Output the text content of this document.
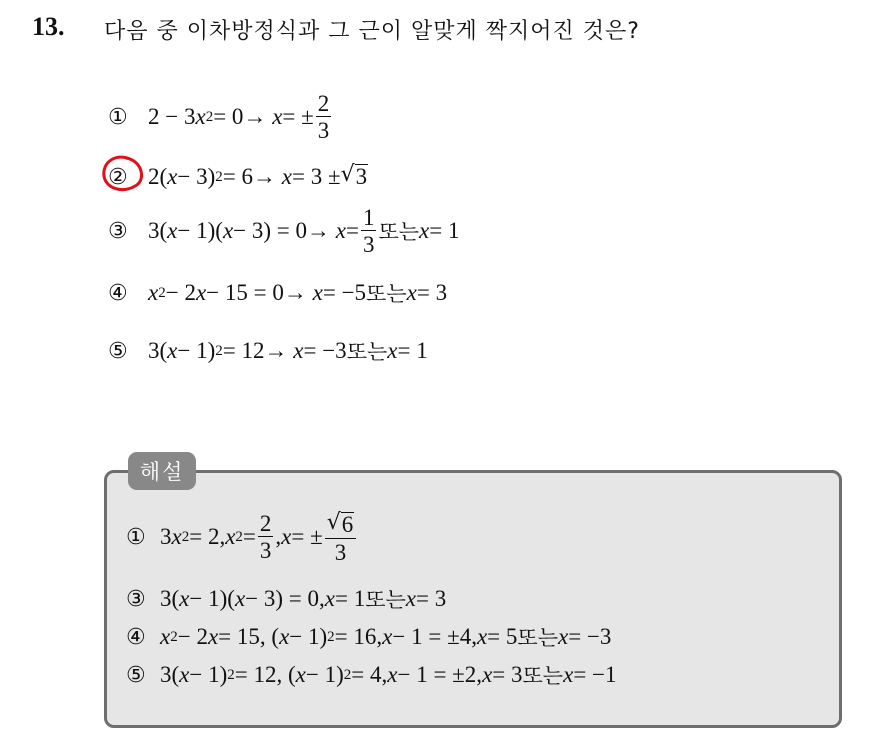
13. 다음 중 이차방정식과 그 근이 알맞게 짝지어진 것은?
① 2 − 3 x 2 = 0 →
x = ± $\frac{2}{3}$
② 2( x − 3) 2 = 6 →
x = 3 ± √ 3
③ 3( x − 1)( x − 3) = 0 →
$x = \frac{1}{3}$ 또는 x = 1
④ x 2 − 2 x − 15 = 0 →
x = −5 또는 x = 3
⑤ 3( x − 1) 2 = 12 →
x = −3 또는 x = 1
해설
① 3 x 2 = 2, x $2 = \frac{2}{3}$ , x = ± $\frac{√ 6}{3}$
③ 3( x − 1)( x − 3) = 0, x = 1 또는 x = 3
④ x 2 − 2 x = 15, ( x − 1) 2 = 16, x − 1 = ±4, x = 5 또는 x = −3
⑤ 3( x − 1) 2 = 12, ( x − 1) 2 = 4, x − 1 = ±2, x = 3 또는 x = −1
